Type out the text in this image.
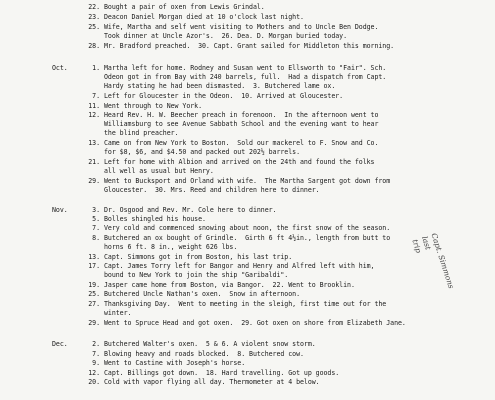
22. Bought a pair of oxen from Lewis Grindal.
23. Deacon Daniel Morgan died at 10 o'clock last night.
25. Wife, Martha and self went visiting to Mothers and to Uncle Ben Dodge.
Took dinner at Uncle Azor's.  26. Dea. D. Morgan buried today.
28. Mr. Bradford preached.  30. Capt. Grant sailed for Middleton this morning.
Oct.	1. Martha left for home. Rodney and Susan went to Ellsworth to "Fair". Sch.
Odeon got in from Bay with 240 barrels, full.  Had a dispatch from Capt.
Hardy stating he had been dismasted.  3. Butchered lame ox.
7. Left for Gloucester in the Odeon.  10. Arrived at Gloucester.
11. Went through to New York.
12. Heard Rev. H. W. Beecher preach in forenoon.  In the afternoon went to
Williamsburg to see Avenue Sabbath School and the evening want to hear
the blind preacher.
13. Came on from New York to Boston.  Sold our mackerel to F. Snow and Co.
for $8, $6, and $4.50 and packed out 202½ barrels.
21. Left for home with Albion and arrived on the 24th and found the folks
all well as usual but Henry.
29. Went to Bucksport and Orland with wife.  The Martha Sargent got down from
Gloucester.  30. Mrs. Reed and children here to dinner.
Nov.	3. Dr. Osgood and Rev. Mr. Cole here to dinner.
5. Bolles shingled his house.
7. Very cold and commenced snowing about noon, the first snow of the season.
8. Butchered an ox bought of Grindle.  Girth 6 ft 4½in., length from butt to
horns 6 ft. 8 in., weight 626 lbs.
13. Capt. Simmons got in from Boston, his last trip.
17. Capt. James Torry left for Bangor and Henry and Alfred left with him,
bound to New York to join the ship "Garibaldi".
19. Jasper came home from Boston, via Bangor.  22. Went to Brooklin.
25. Butchered Uncle Nathan's oxen.  Snow in afternoon.
27. Thanksgiving Day.  Went to meeting in the sleigh, first time out for the
winter.
29. Went to Spruce Head and got oxen.  29. Got oxen on shore from Elizabeth Jane.
Dec.	2. Butchered Walter's oxen.  5 & 6. A violent snow storm.
7. Blowing heavy and roads blocked.  8. Butchered cow.
9. Went to Castine with Joseph's horse.
12. Capt. Billings got down.  18. Hard travelling. Got up goods.
20. Cold with vapor flying all day. Thermometer at 4 below.
Capt. Simmons
last
trip
